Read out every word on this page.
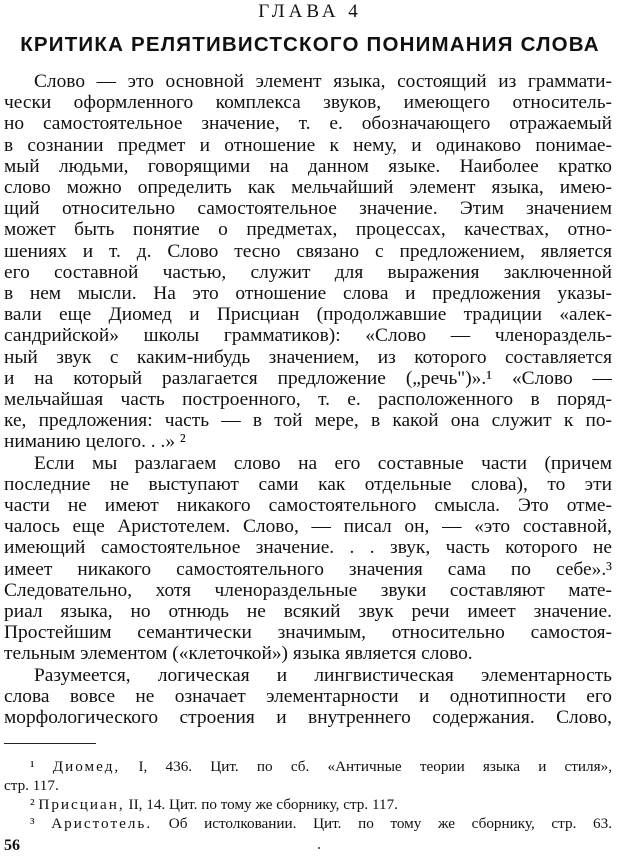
ГЛАВА 4
КРИТИКА РЕЛЯТИВИСТСКОГО ПОНИМАНИЯ СЛОВА
Слово — это основной элемент языка, состоящий из граммати-
чески оформленного комплекса звуков, имеющего относитель-
но самостоятельное значение, т. е. обозначающего отражаемый
в сознании предмет и отношение к нему, и одинаково понимае-
мый людьми, говорящими на данном языке. Наиболее кратко
слово можно определить как мельчайший элемент языка, имею-
щий относительно самостоятельное значение. Этим значением
может быть понятие о предметах, процессах, качествах, отно-
шениях и т. д. Слово тесно связано с предложением, является
его составной частью, служит для выражения заключенной
в нем мысли. На это отношение слова и предложения указы-
вали еще Диомед и Присциан (продолжавшие традиции «алек-
сандрийской» школы грамматиков): «Слово — членораздель-
ный звук с каким-нибудь значением, из которого составляется
и на который разлагается предложение („речь")».¹ «Слово —
мельчайшая часть построенного, т. е. расположенного в поряд-
ке, предложения: часть — в той мере, в какой она служит к по-
ниманию целого. . .» ²
Если мы разлагаем слово на его составные части (причем
последние не выступают сами как отдельные слова), то эти
части не имеют никакого самостоятельного смысла. Это отме-
чалось еще Аристотелем. Слово, — писал он, — «это составной,
имеющий самостоятельное значение. . . звук, часть которого не
имеет никакого самостоятельного значения сама по себе».³
Следовательно, хотя членораздельные звуки составляют мате-
риал языка, но отнюдь не всякий звук речи имеет значение.
Простейшим семантически значимым, относительно самостоя-
тельным элементом («клеточкой») языка является слово.
Разумеется, логическая и лингвистическая элементарность
слова вовсе не означает элементарности и однотипности его
морфологического строения и внутреннего содержания. Слово,
¹ Диомед, I, 436. Цит. по сб. «Античные теории языка и стиля»,
стр. 117.
² Присциан, II, 14. Цит. по тому же сборнику, стр. 117.
³ Аристотель. Об истолковании. Цит. по тому же сборнику, стр. 63.
56
